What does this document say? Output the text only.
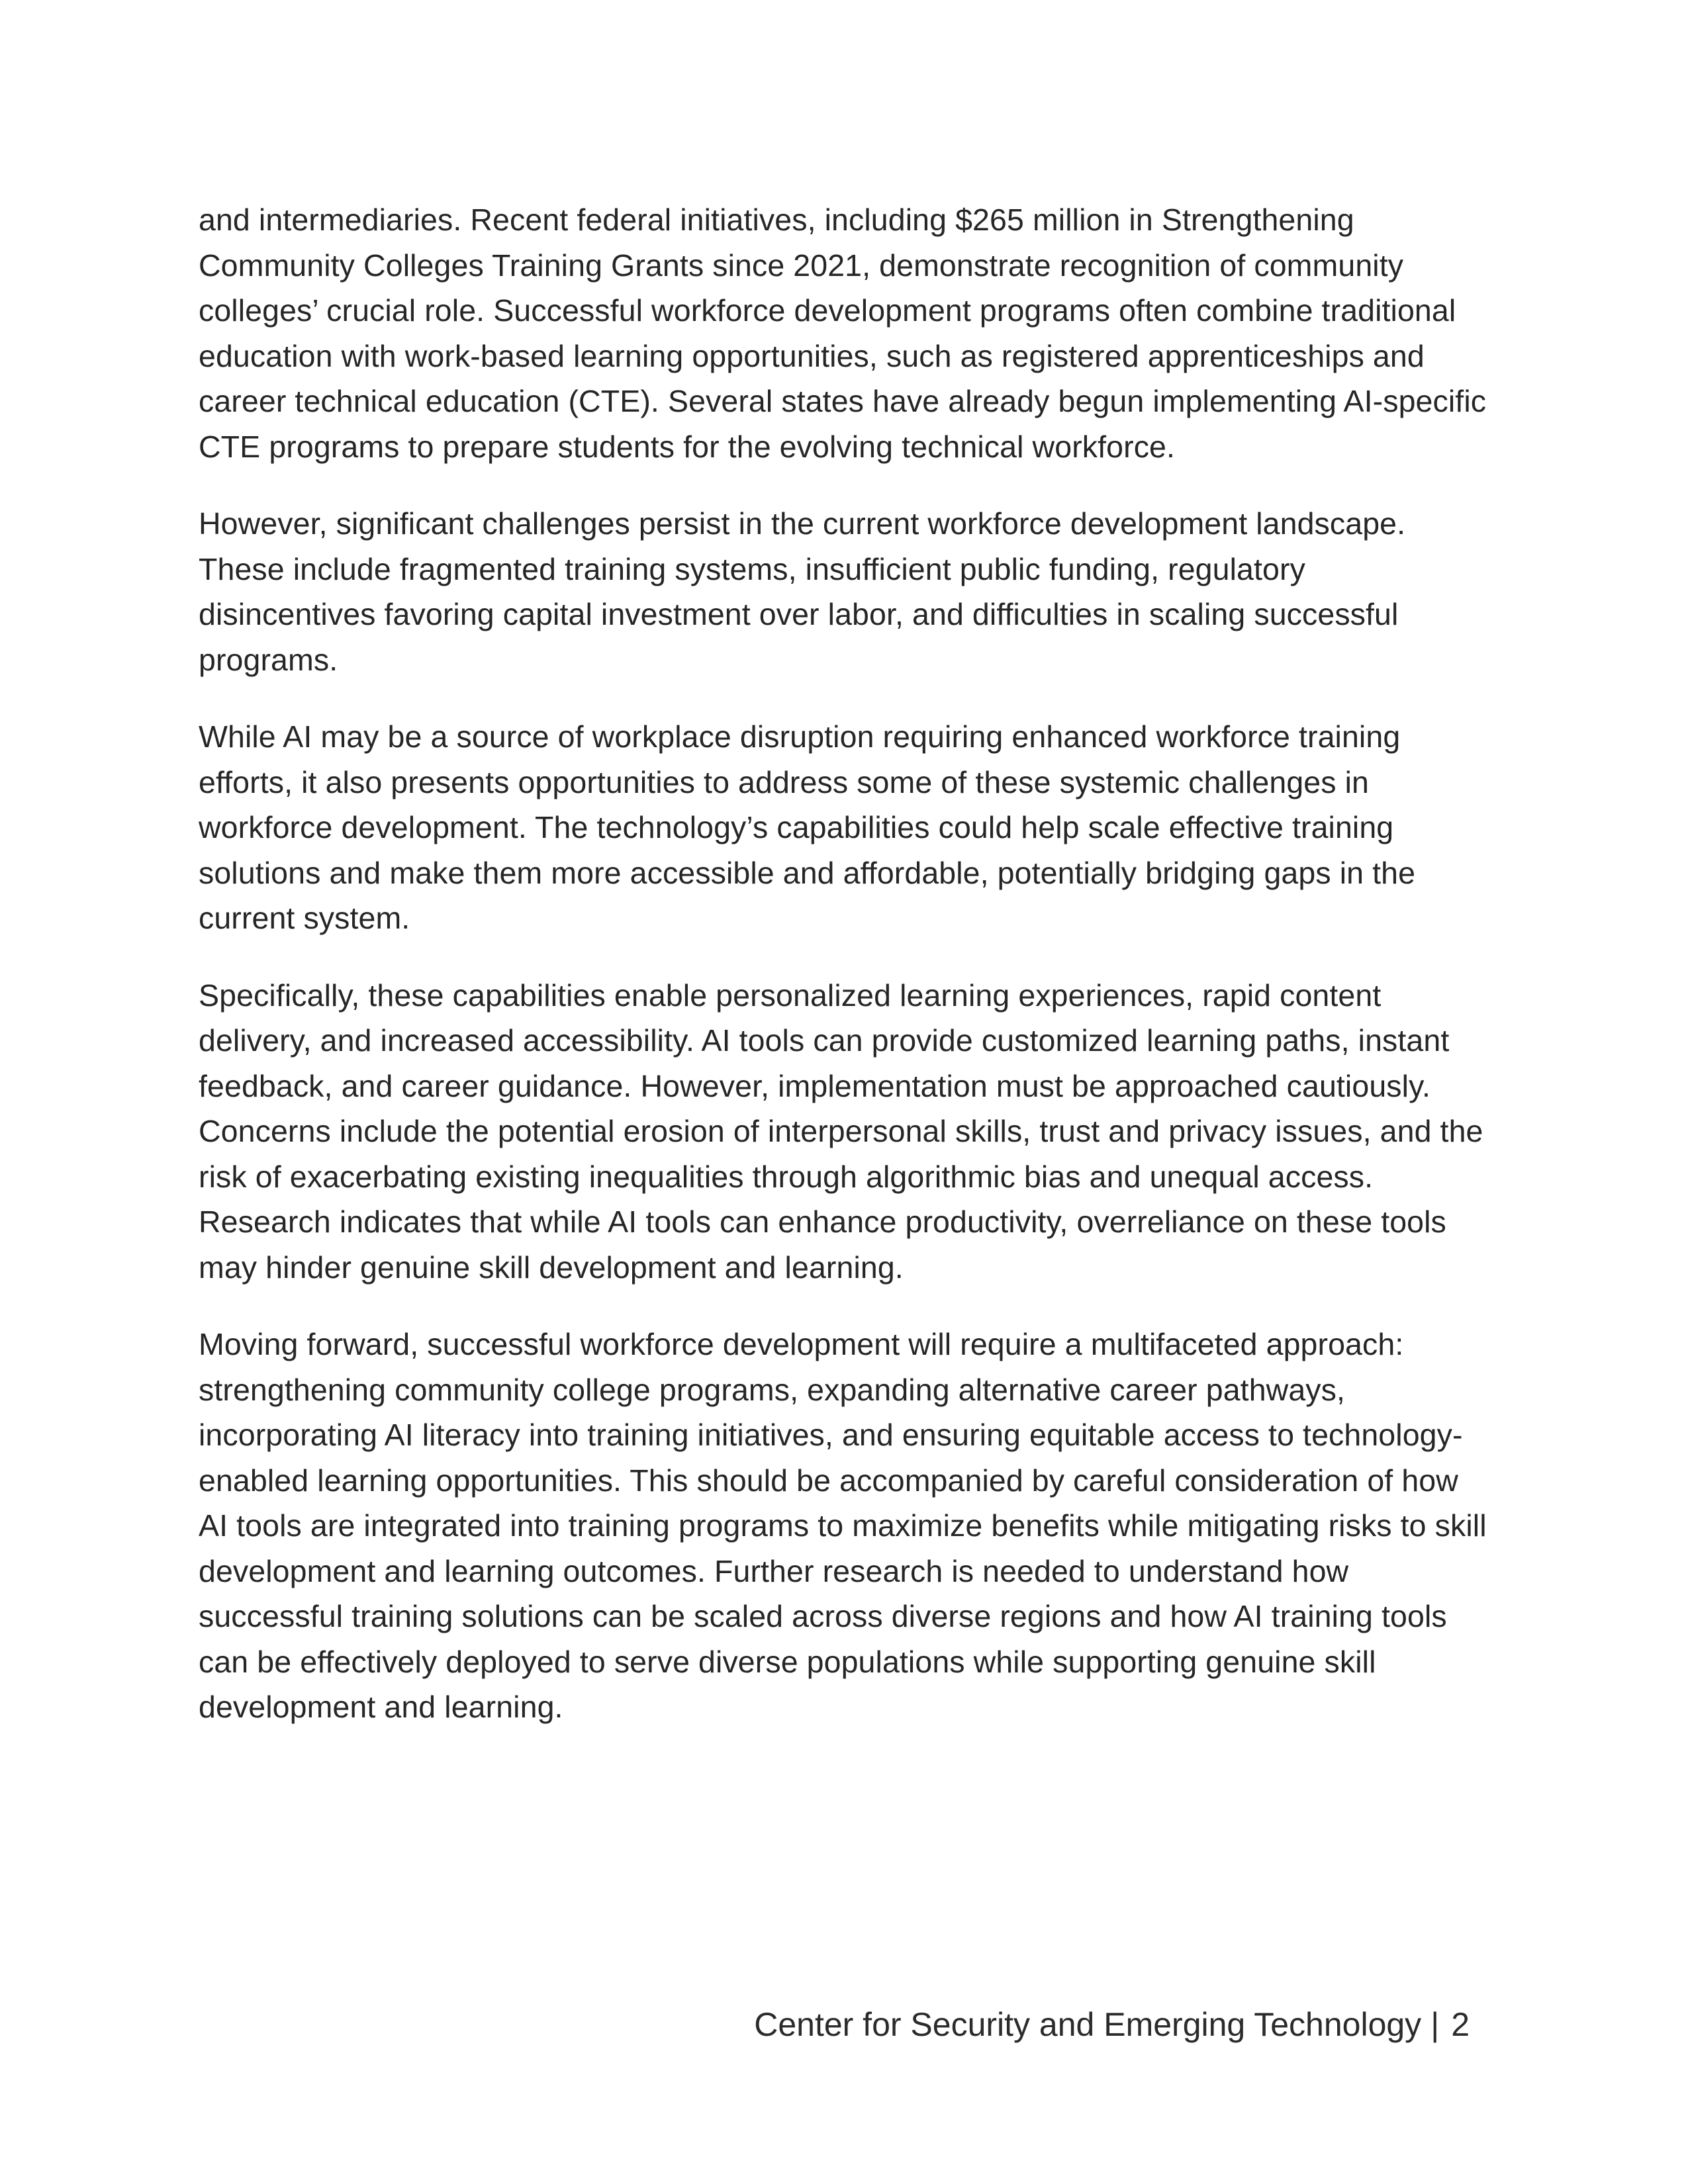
and intermediaries. Recent federal initiatives, including $265 million in Strengthening Community Colleges Training Grants since 2021, demonstrate recognition of community colleges’ crucial role. Successful workforce development programs often combine traditional education with work-based learning opportunities, such as registered apprenticeships and career technical education (CTE). Several states have already begun implementing AI-specific CTE programs to prepare students for the evolving technical workforce.

However, significant challenges persist in the current workforce development landscape. These include fragmented training systems, insufficient public funding, regulatory disincentives favoring capital investment over labor, and difficulties in scaling successful programs.

While AI may be a source of workplace disruption requiring enhanced workforce training efforts, it also presents opportunities to address some of these systemic challenges in workforce development. The technology’s capabilities could help scale effective training solutions and make them more accessible and affordable, potentially bridging gaps in the current system.

Specifically, these capabilities enable personalized learning experiences, rapid content delivery, and increased accessibility. AI tools can provide customized learning paths, instant feedback, and career guidance. However, implementation must be approached cautiously. Concerns include the potential erosion of interpersonal skills, trust and privacy issues, and the risk of exacerbating existing inequalities through algorithmic bias and unequal access. Research indicates that while AI tools can enhance productivity, overreliance on these tools may hinder genuine skill development and learning.

Moving forward, successful workforce development will require a multifaceted approach: strengthening community college programs, expanding alternative career pathways, incorporating AI literacy into training initiatives, and ensuring equitable access to technology-enabled learning opportunities. This should be accompanied by careful consideration of how AI tools are integrated into training programs to maximize benefits while mitigating risks to skill development and learning outcomes. Further research is needed to understand how successful training solutions can be scaled across diverse regions and how AI training tools can be effectively deployed to serve diverse populations while supporting genuine skill development and learning.

Center for Security and Emerging Technology | 2
